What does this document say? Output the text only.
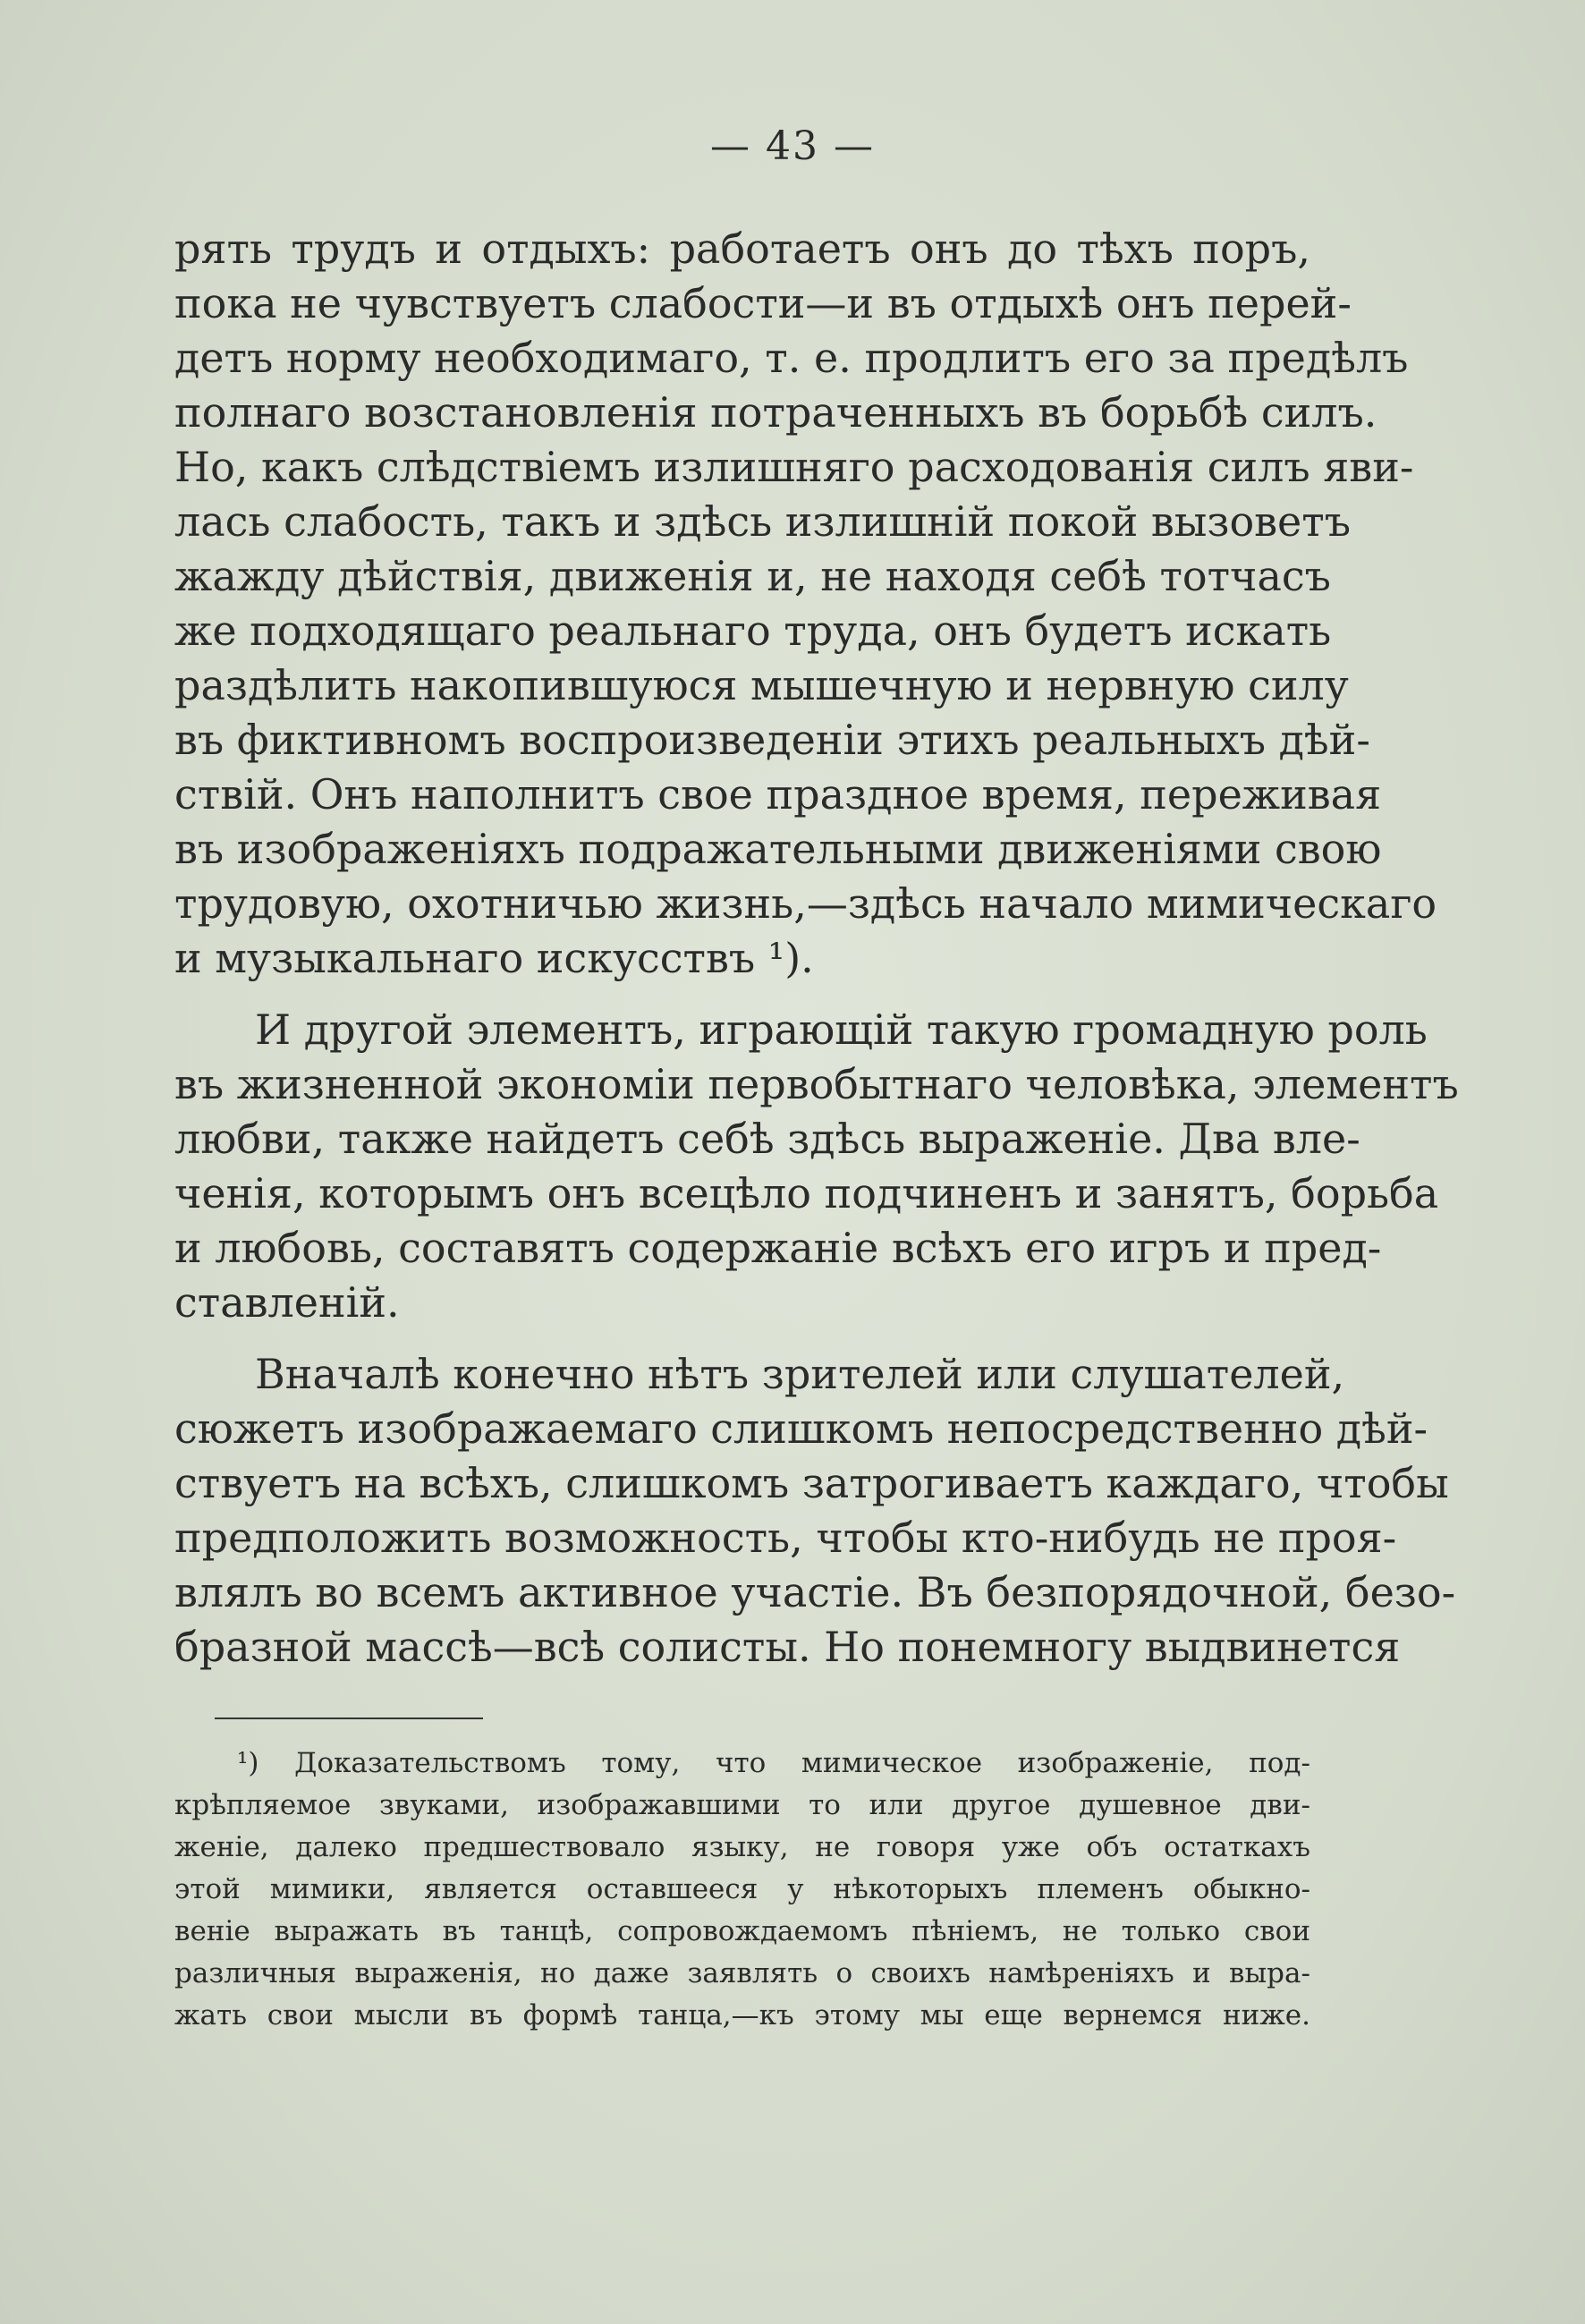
— 43 —
рять трудъ и отдыхъ: работаетъ онъ до тѣхъ поръ,
пока не чувствуетъ слабости—и въ отдыхѣ онъ перей-
детъ норму необходимаго, т. е. продлитъ его за предѣлъ
полнаго возстановленія потраченныхъ въ борьбѣ силъ.
Но, какъ слѣдствіемъ излишняго расходованія силъ яви-
лась слабость, такъ и здѣсь излишній покой вызоветъ
жажду дѣйствія, движенія и, не находя себѣ тотчасъ
же подходящаго реальнаго труда, онъ будетъ искать
раздѣлить накопившуюся мышечную и нервную силу
въ фиктивномъ воспроизведеніи этихъ реальныхъ дѣй-
ствій. Онъ наполнитъ свое праздное время, переживая
въ изображеніяхъ подражательными движеніями свою
трудовую, охотничью жизнь,—здѣсь начало мимическаго
и музыкальнаго искусствъ ¹).
И другой элементъ, играющій такую громадную роль
въ жизненной экономіи первобытнаго человѣка, элементъ
любви, также найдетъ себѣ здѣсь выраженіе. Два вле-
ченія, которымъ онъ всецѣло подчиненъ и занятъ, борьба
и любовь, составятъ содержаніе всѣхъ его игръ и пред-
ставленій.
Вначалѣ конечно нѣтъ зрителей или слушателей,
сюжетъ изображаемаго слишкомъ непосредственно дѣй-
ствуетъ на всѣхъ, слишкомъ затрогиваетъ каждаго, чтобы
предположить возможность, чтобы кто-нибудь не проя-
влялъ во всемъ активное участіе. Въ безпорядочной, безо-
бразной массѣ—всѣ солисты. Но понемногу выдвинется
¹) Доказательствомъ тому, что мимическое изображеніе, под-
крѣпляемое звуками, изображавшими то или другое душевное дви-
женіе, далеко предшествовало языку, не говоря уже объ остаткахъ
этой мимики, является оставшееся у нѣкоторыхъ племенъ обыкно-
веніе выражать въ танцѣ, сопровождаемомъ пѣніемъ, не только свои
различныя выраженія, но даже заявлять о своихъ намѣреніяхъ и выра-
жать свои мысли въ формѣ танца,—къ этому мы еще вернемся ниже.
